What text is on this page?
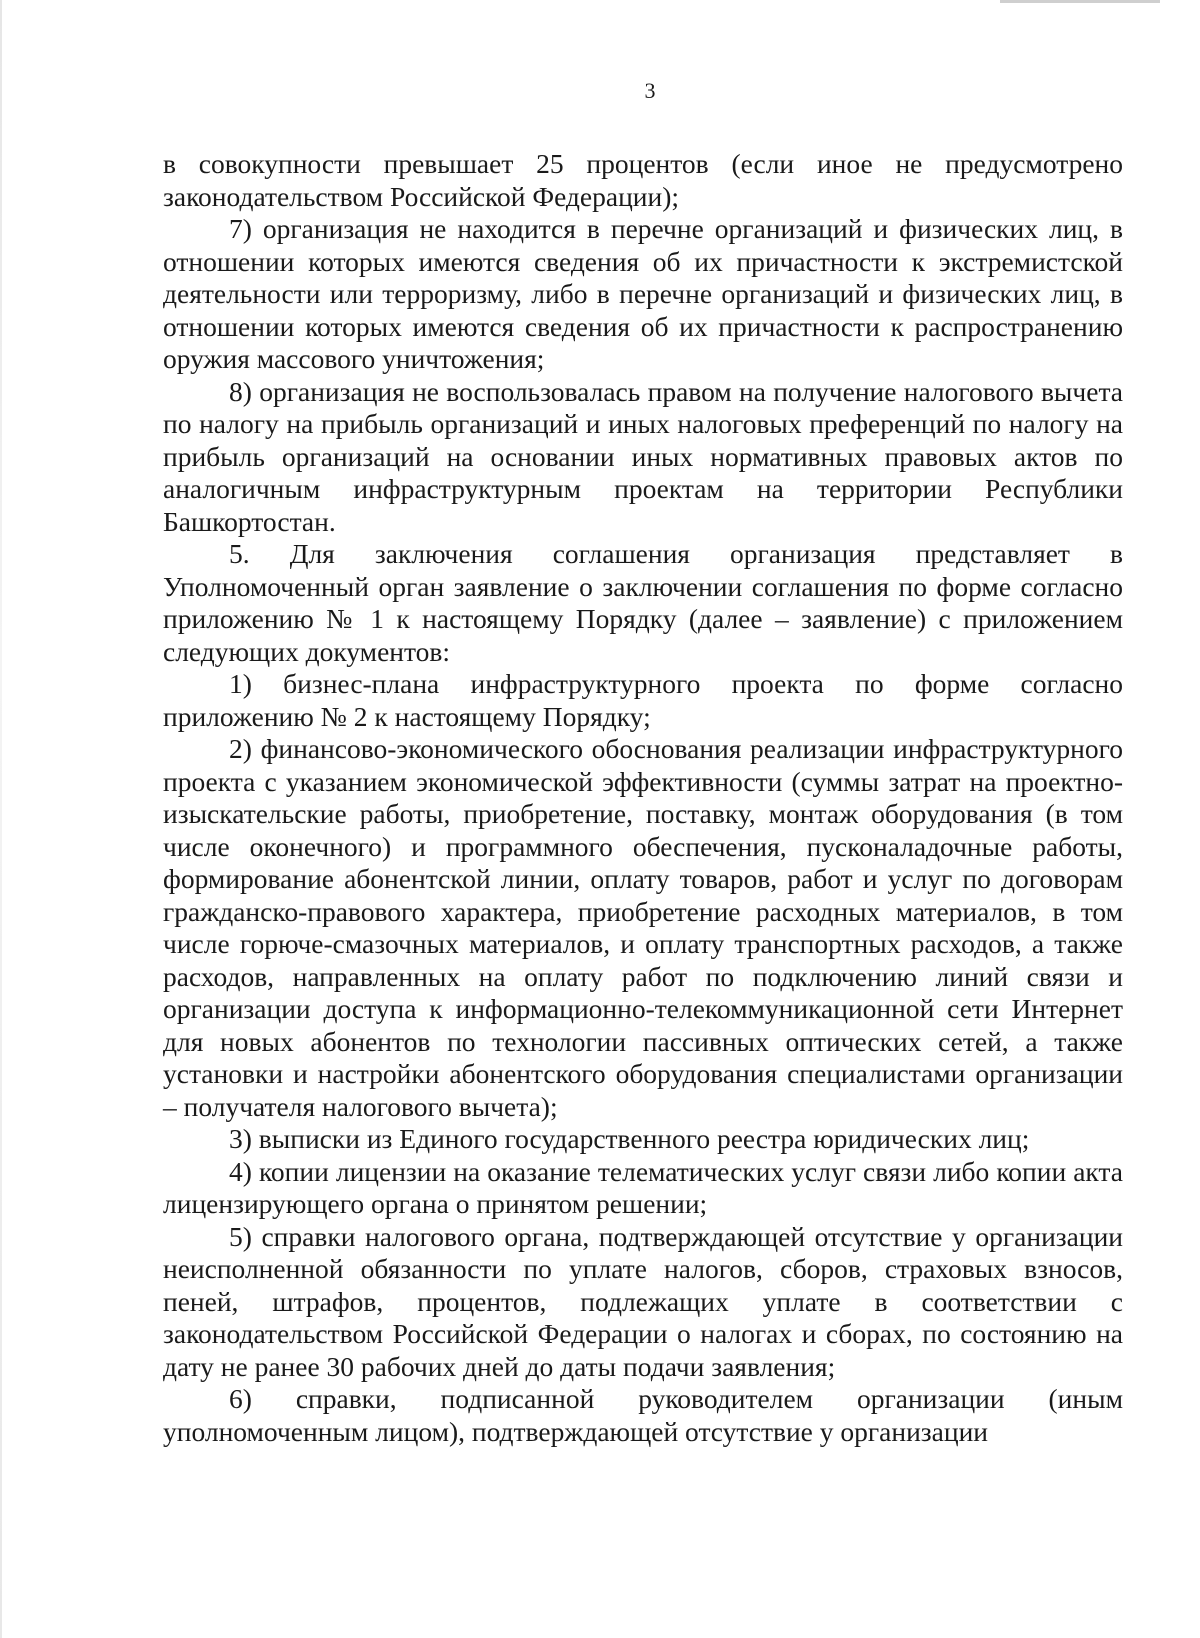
3

в совокупности превышает 25 процентов (если иное не предусмотрено законодательством Российской Федерации);

7) организация не находится в перечне организаций и физических лиц, в отношении которых имеются сведения об их причастности к экстремистской деятельности или терроризму, либо в перечне организаций и физических лиц, в отношении которых имеются сведения об их причастности к распространению оружия массового уничтожения;

8) организация не воспользовалась правом на получение налогового вычета по налогу на прибыль организаций и иных налоговых преференций по налогу на прибыль организаций на основании иных нормативных правовых актов по аналогичным инфраструктурным проектам на территории Республики Башкортостан.

5. Для заключения соглашения организация представляет в Уполномоченный орган заявление о заключении соглашения по форме согласно приложению № 1 к настоящему Порядку (далее – заявление) с приложением следующих документов:

1) бизнес-плана инфраструктурного проекта по форме согласно приложению № 2 к настоящему Порядку;

2) финансово-экономического обоснования реализации инфраструктурного проекта с указанием экономической эффективности (суммы затрат на проектно-изыскательские работы, приобретение, поставку, монтаж оборудования (в том числе оконечного) и программного обеспечения, пусконаладочные работы, формирование абонентской линии, оплату товаров, работ и услуг по договорам гражданско-правового характера, приобретение расходных материалов, в том числе горюче-смазочных материалов, и оплату транспортных расходов, а также расходов, направленных на оплату работ по подключению линий связи и организации доступа к информационно-телекоммуникационной сети Интернет для новых абонентов по технологии пассивных оптических сетей, а также установки и настройки абонентского оборудования специалистами организации – получателя налогового вычета);

3) выписки из Единого государственного реестра юридических лиц;

4) копии лицензии на оказание телематических услуг связи либо копии акта лицензирующего органа о принятом решении;

5) справки налогового органа, подтверждающей отсутствие у организации неисполненной обязанности по уплате налогов, сборов, страховых взносов, пеней, штрафов, процентов, подлежащих уплате в соответствии с законодательством Российской Федерации о налогах и сборах, по состоянию на дату не ранее 30 рабочих дней до даты подачи заявления;

6) справки, подписанной руководителем организации (иным уполномоченным лицом), подтверждающей отсутствие у организации
